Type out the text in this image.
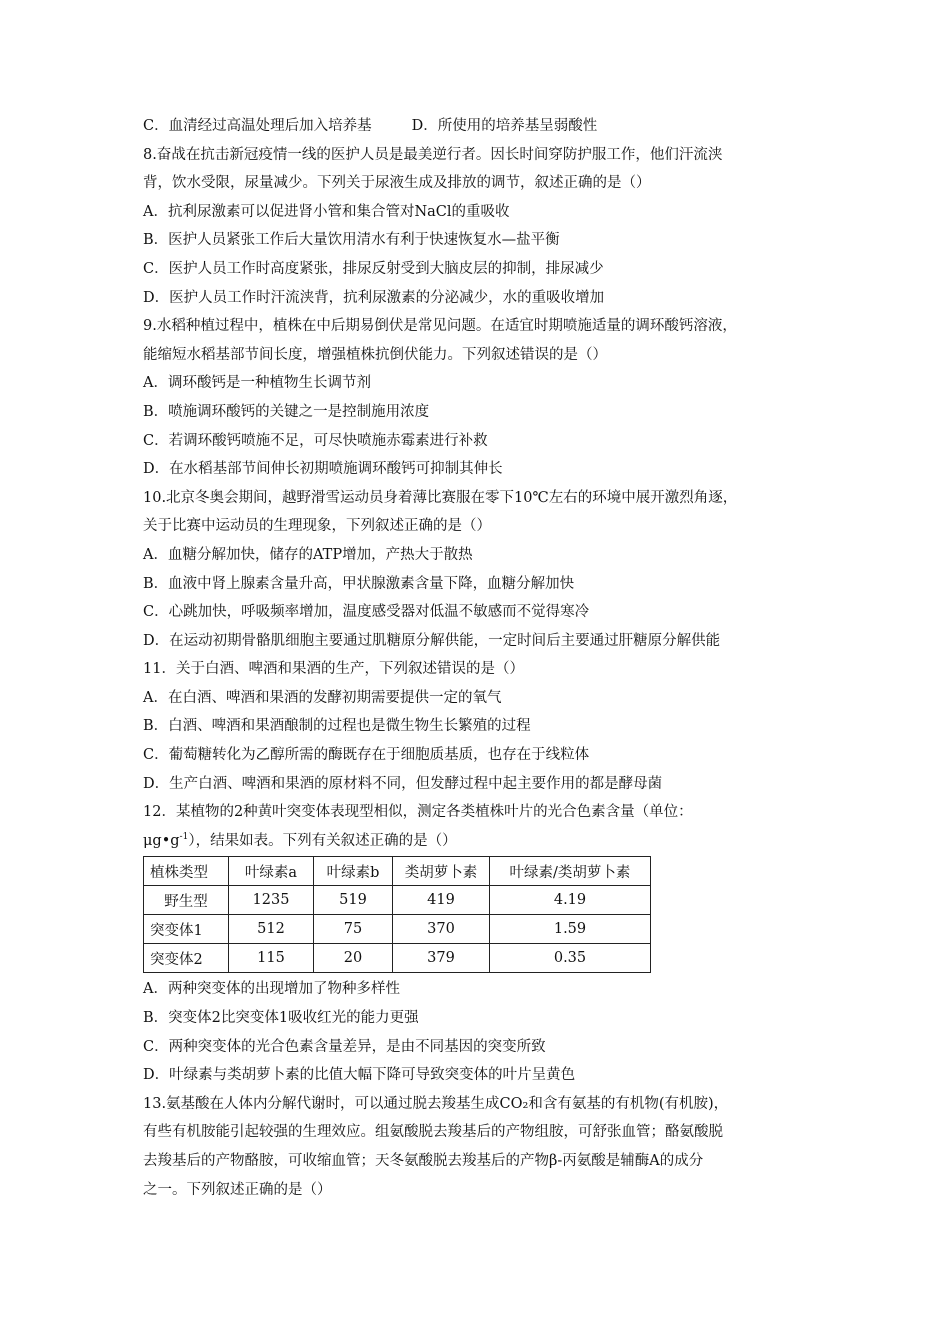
C．血清经过高温处理后加入培养基	D．所使用的培养基呈弱酸性
8.奋战在抗击新冠疫情一线的医护人员是最美逆行者。因长时间穿防护服工作，他们汗流浃
背，饮水受限，尿量减少。下列关于尿液生成及排放的调节，叙述正确的是（）
A．抗利尿激素可以促进肾小管和集合管对NaCl的重吸收
B．医护人员紧张工作后大量饮用清水有利于快速恢复水—盐平衡
C．医护人员工作时高度紧张，排尿反射受到大脑皮层的抑制，排尿减少
D．医护人员工作时汗流浃背，抗利尿激素的分泌减少，水的重吸收增加
9.水稻种植过程中，植株在中后期易倒伏是常见问题。在适宜时期喷施适量的调环酸钙溶液，
能缩短水稻基部节间长度，增强植株抗倒伏能力。下列叙述错误的是（）
A．调环酸钙是一种植物生长调节剂
B．喷施调环酸钙的关键之一是控制施用浓度
C．若调环酸钙喷施不足，可尽快喷施赤霉素进行补救
D．在水稻基部节间伸长初期喷施调环酸钙可抑制其伸长
10.北京冬奥会期间，越野滑雪运动员身着薄比赛服在零下10℃左右的环境中展开激烈角逐，
关于比赛中运动员的生理现象，下列叙述正确的是（）
A．血糖分解加快，储存的ATP增加，产热大于散热
B．血液中肾上腺素含量升高，甲状腺激素含量下降，血糖分解加快
C．心跳加快，呼吸频率增加，温度感受器对低温不敏感而不觉得寒冷
D．在运动初期骨骼肌细胞主要通过肌糖原分解供能，一定时间后主要通过肝糖原分解供能
11．关于白酒、啤酒和果酒的生产，下列叙述错误的是（）
A．在白酒、啤酒和果酒的发酵初期需要提供一定的氧气
B．白酒、啤酒和果酒酿制的过程也是微生物生长繁殖的过程
C．葡萄糖转化为乙醇所需的酶既存在于细胞质基质，也存在于线粒体
D．生产白酒、啤酒和果酒的原材料不同，但发酵过程中起主要作用的都是酵母菌
12．某植物的2种黄叶突变体表现型相似，测定各类植株叶片的光合色素含量（单位：
$\mu g•g^{-1}$），结果如表。下列有关叙述正确的是（）
植株类型	叶绿素a	叶绿素b	类胡萝卜素	叶绿素/类胡萝卜素
野生型	1235	519	419	4.19
突变体1	512	75	370	1.59
突变体2	115	20	379	0.35
A．两种突变体的出现增加了物种多样性
B．突变体2比突变体1吸收红光的能力更强
C．两种突变体的光合色素含量差异，是由不同基因的突变所致
D．叶绿素与类胡萝卜素的比值大幅下降可导致突变体的叶片呈黄色
13.氨基酸在人体内分解代谢时，可以通过脱去羧基生成CO₂和含有氨基的有机物(有机胺)，
有些有机胺能引起较强的生理效应。组氨酸脱去羧基后的产物组胺，可舒张血管；酪氨酸脱
去羧基后的产物酪胺，可收缩血管；天冬氨酸脱去羧基后的产物β-丙氨酸是辅酶A的成分
之一。下列叙述正确的是（）
